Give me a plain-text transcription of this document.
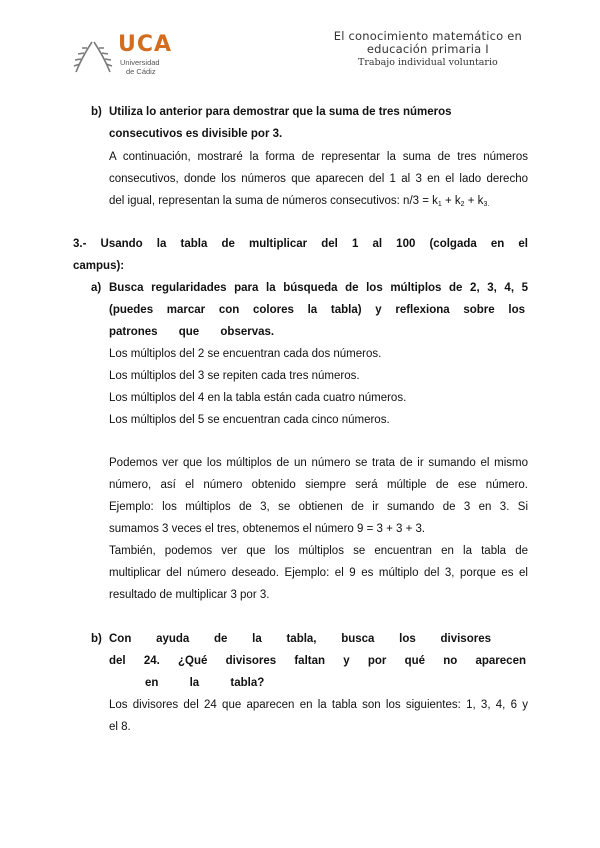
UCA
Universidad
de Cádiz
El conocimiento matemático en
educación primaria I
Trabajo individual voluntario
b) Utiliza lo anterior para demostrar que la suma de tres números
consecutivos es divisible por 3.
A continuación, mostraré la forma de representar la suma de tres números
consecutivos, donde los números que aparecen del 1 al 3 en el lado derecho
del igual, representan la suma de números consecutivos: $n/3 = k_1 + k_2 + k_{3.}$
3.- Usando la tabla de multiplicar del 1 al 100 (colgada en el
campus):
a) Busca regularidades para la búsqueda de los múltiplos de 2, 3, 4, 5
(puedes marcar con colores la tabla) y reflexiona sobre los
patrones que observas.
Los múltiplos del 2 se encuentran cada dos números.
Los múltiplos del 3 se repiten cada tres números.
Los múltiplos del 4 en la tabla están cada cuatro números.
Los múltiplos del 5 se encuentran cada cinco números.
Podemos ver que los múltiplos de un número se trata de ir sumando el mismo
número, así el número obtenido siempre será múltiple de ese número.
Ejemplo: los múltiplos de 3, se obtienen de ir sumando de 3 en 3. Si
sumamos 3 veces el tres, obtenemos el número 9 = 3 + 3 + 3.
También, podemos ver que los múltiplos se encuentran en la tabla de
multiplicar del número deseado. Ejemplo: el 9 es múltiplo del 3, porque es el
resultado de multiplicar 3 por 3.
b) Con ayuda de la tabla, busca los divisores
del 24. ¿Qué divisores faltan y por qué no aparecen
en la tabla?
Los divisores del 24 que aparecen en la tabla son los siguientes: 1, 3, 4, 6 y
el 8.
